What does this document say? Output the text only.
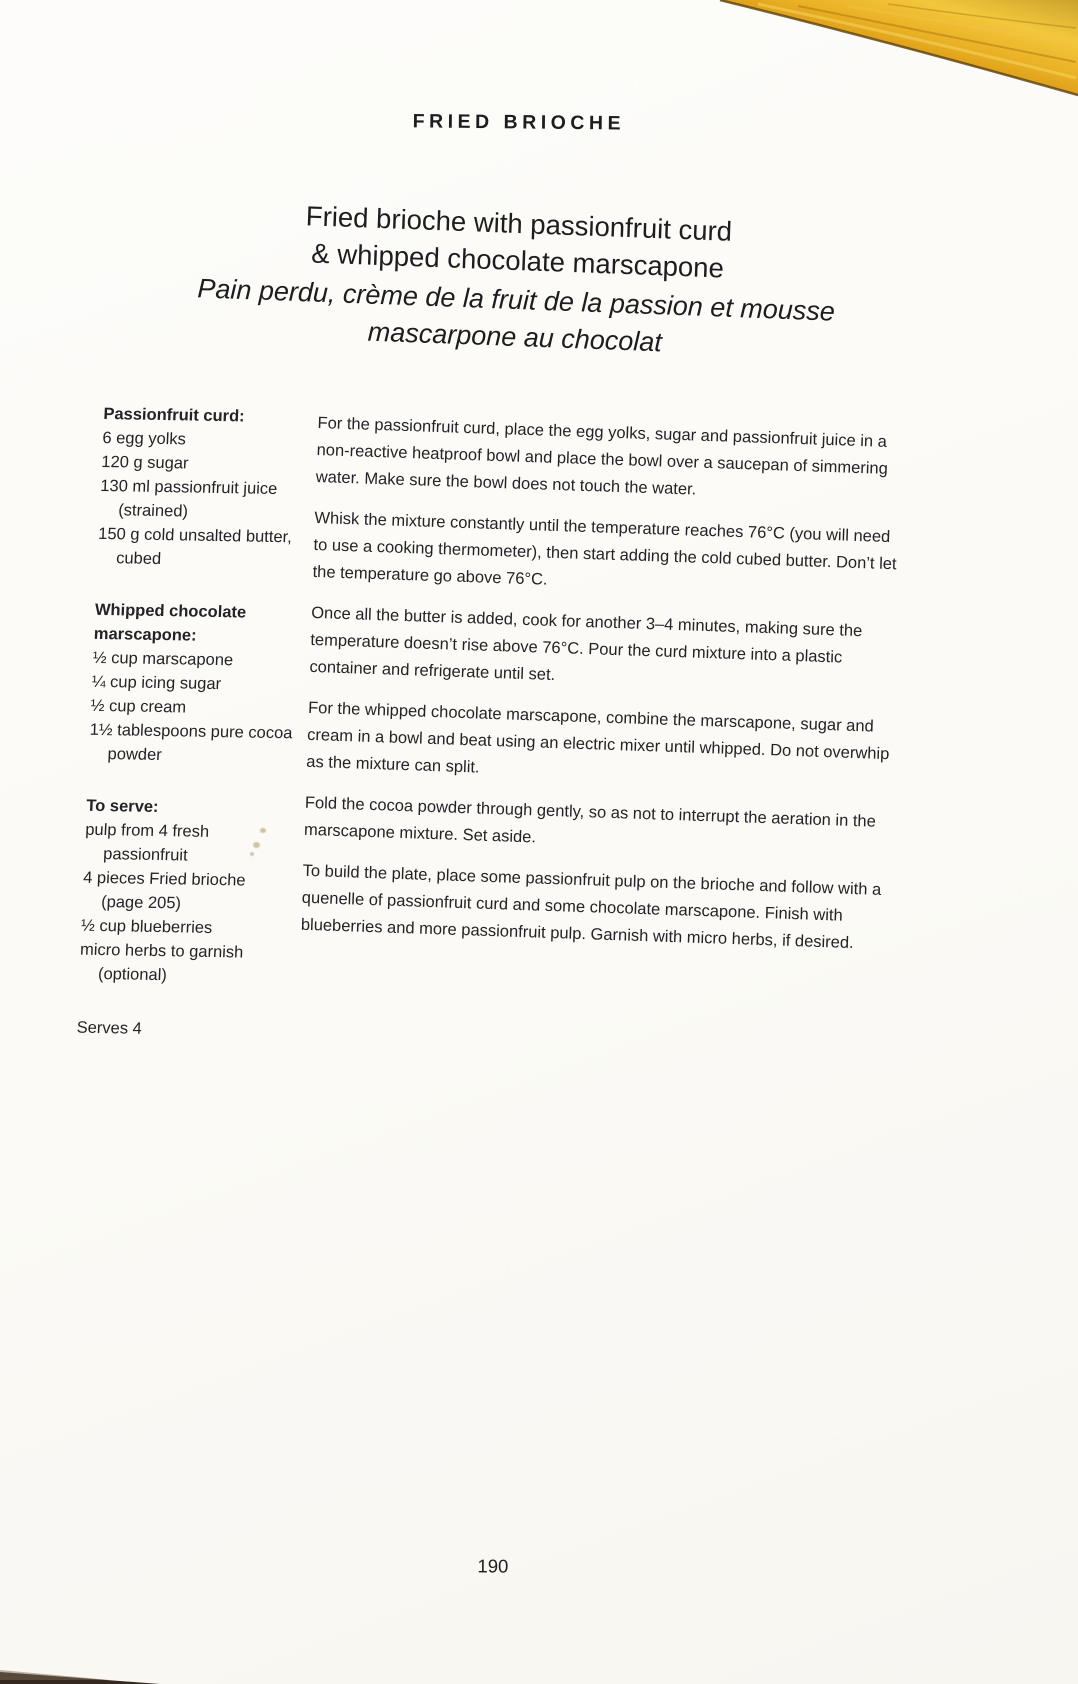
FRIED BRIOCHE
Fried brioche with passionfruit curd
& whipped chocolate marscapone
Pain perdu, crème de la fruit de la passion et mousse
mascarpone au chocolat
Passionfruit curd:
6 egg yolks
120 g sugar
130 ml passionfruit juice (strained)
150 g cold unsalted butter, cubed
Whipped chocolate marscapone:
½ cup marscapone
¼ cup icing sugar
½ cup cream
1½ tablespoons pure cocoa powder
To serve:
pulp from 4 fresh passionfruit
4 pieces Fried brioche (page 205)
½ cup blueberries
micro herbs to garnish (optional)
Serves 4

For the passionfruit curd, place the egg yolks, sugar and passionfruit juice in a non-reactive heatproof bowl and place the bowl over a saucepan of simmering water. Make sure the bowl does not touch the water.

Whisk the mixture constantly until the temperature reaches 76°C (you will need to use a cooking thermometer), then start adding the cold cubed butter. Don’t let the temperature go above 76°C.

Once all the butter is added, cook for another 3–4 minutes, making sure the temperature doesn’t rise above 76°C. Pour the curd mixture into a plastic container and refrigerate until set.

For the whipped chocolate marscapone, combine the marscapone, sugar and cream in a bowl and beat using an electric mixer until whipped. Do not overwhip as the mixture can split.

Fold the cocoa powder through gently, so as not to interrupt the aeration in the marscapone mixture. Set aside.

To build the plate, place some passionfruit pulp on the brioche and follow with a quenelle of passionfruit curd and some chocolate marscapone. Finish with blueberries and more passionfruit pulp. Garnish with micro herbs, if desired.

190
